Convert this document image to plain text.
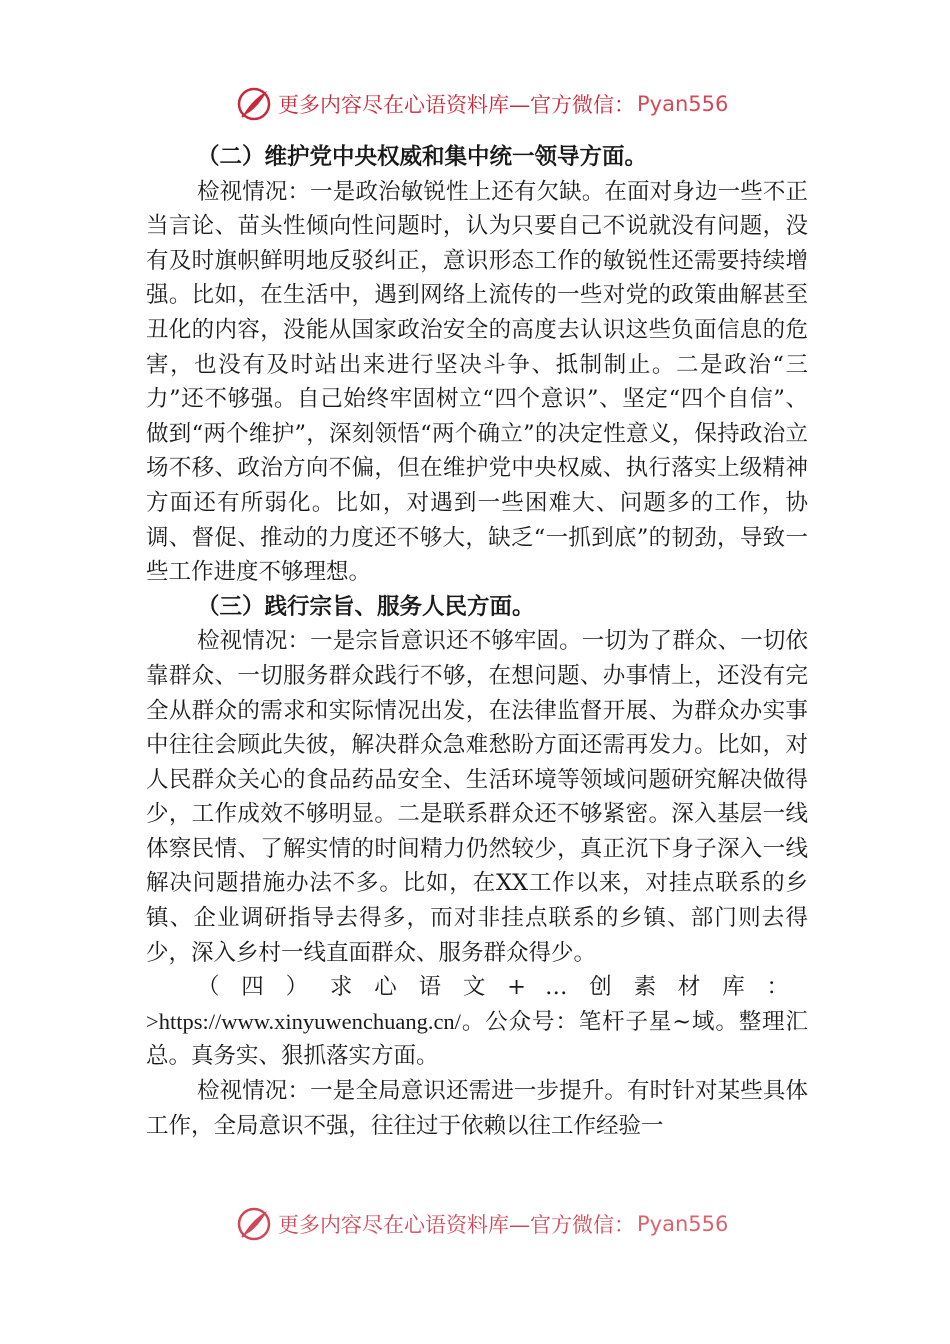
更多内容尽在心语资料库—官方微信： Pyan556

（二）维护党中央权威和集中统一领导方面。

检视情况：一是政治敏锐性上还有欠缺。在面对身边一些不正当言论、苗头性倾向性问题时，认为只要自己不说就没有问题，没有及时旗帜鲜明地反驳纠正，意识形态工作的敏锐性还需要持续增强。比如，在生活中，遇到网络上流传的一些对党的政策曲解甚至丑化的内容，没能从国家政治安全的高度去认识这些负面信息的危害，也没有及时站出来进行坚决斗争、抵制制止。二是政治“三力”还不够强。自己始终牢固树立“四个意识”、坚定“四个自信”、做到“两个维护”，深刻领悟“两个确立”的决定性意义，保持政治立场不移、政治方向不偏，但在维护党中央权威、执行落实上级精神方面还有所弱化。比如，对遇到一些困难大、问题多的工作，协调、督促、推动的力度还不够大，缺乏“一抓到底”的韧劲，导致一些工作进度不够理想。

（三）践行宗旨、服务人民方面。

检视情况：一是宗旨意识还不够牢固。一切为了群众、一切依靠群众、一切服务群众践行不够，在想问题、办事情上，还没有完全从群众的需求和实际情况出发，在法律监督开展、为群众办实事中往往会顾此失彼，解决群众急难愁盼方面还需再发力。比如，对人民群众关心的食品药品安全、生活环境等领域问题研究解决做得少，工作成效不够明显。二是联系群众还不够紧密。深入基层一线体察民情、了解实情的时间精力仍然较少，真正沉下身子深入一线解决问题措施办法不多。比如，在XX工作以来，对挂点联系的乡镇、企业调研指导去得多，而对非挂点联系的乡镇、部门则去得少，深入乡村一线直面群众、服务群众得少。

（四）求心语文+…创素材库：>https://www.xinyuwenchuang.cn/。公众号：笔杆子星~域。整理汇总。真务实、狠抓落实方面。

检视情况：一是全局意识还需进一步提升。有时针对某些具体工作，全局意识不强，往往过于依赖以往工作经验一

更多内容尽在心语资料库—官方微信： Pyan556
